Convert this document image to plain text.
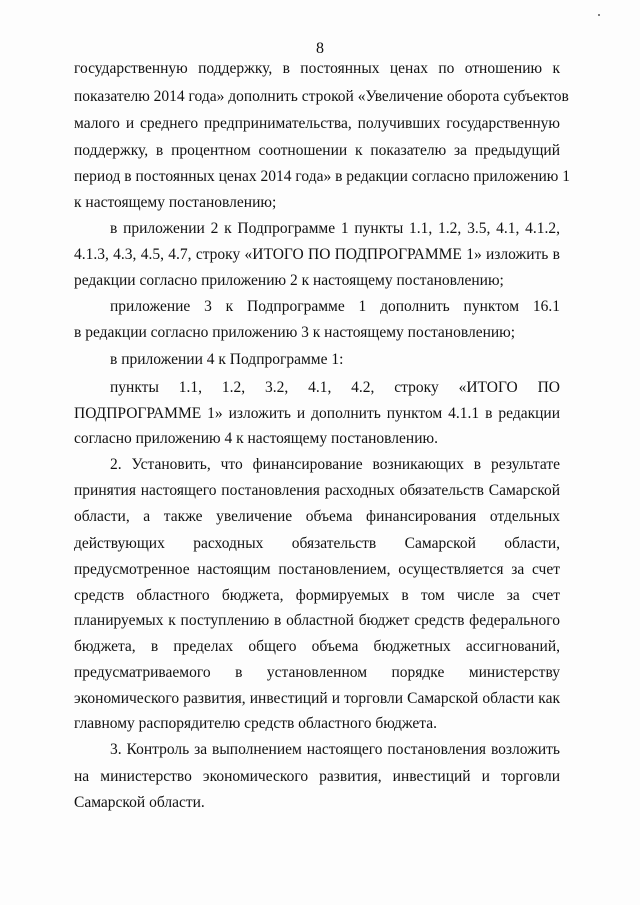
8
государственную поддержку, в постоянных ценах по отношению к
показателю 2014 года» дополнить строкой «Увеличение оборота субъектов
малого и среднего предпринимательства, получивших государственную
поддержку, в процентном соотношении к показателю за предыдущий
период в постоянных ценах 2014 года» в редакции согласно приложению 1
к настоящему постановлению;
в приложении 2 к Подпрограмме 1 пункты 1.1, 1.2, 3.5, 4.1, 4.1.2,
4.1.3, 4.3, 4.5, 4.7, строку «ИТОГО ПО ПОДПРОГРАММЕ 1» изложить в
редакции согласно приложению 2 к настоящему постановлению;
приложение 3 к Подпрограмме 1 дополнить пунктом 16.1
в редакции согласно приложению 3 к настоящему постановлению;
в приложении 4 к Подпрограмме 1:
пункты 1.1, 1.2, 3.2, 4.1, 4.2, строку «ИТОГО ПО
ПОДПРОГРАММЕ 1» изложить и дополнить пунктом 4.1.1 в редакции
согласно приложению 4 к настоящему постановлению.
2. Установить, что финансирование возникающих в результате
принятия настоящего постановления расходных обязательств Самарской
области, а также увеличение объема финансирования отдельных
действующих расходных обязательств Самарской области,
предусмотренное настоящим постановлением, осуществляется за счет
средств областного бюджета, формируемых в том числе за счет
планируемых к поступлению в областной бюджет средств федерального
бюджета, в пределах общего объема бюджетных ассигнований,
предусматриваемого в установленном порядке министерству
экономического развития, инвестиций и торговли Самарской области как
главному распорядителю средств областного бюджета.
3. Контроль за выполнением настоящего постановления возложить
на министерство экономического развития, инвестиций и торговли
Самарской области.
